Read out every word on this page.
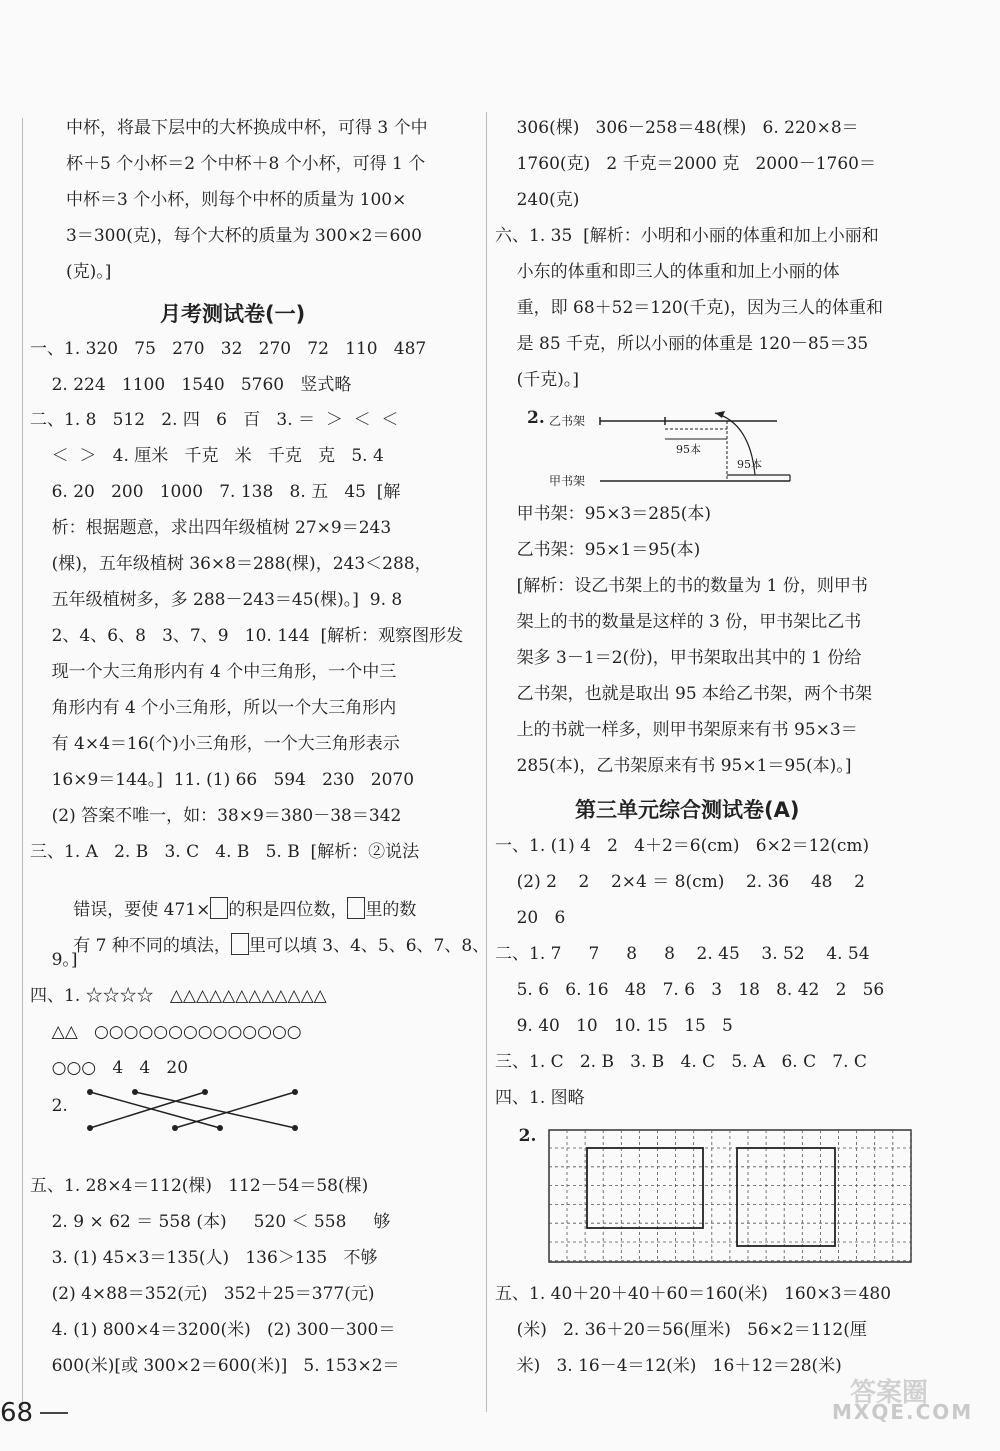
中杯，将最下层中的大杯换成中杯，可得 3 个中
杯＋5 个小杯＝2 个中杯＋8 个小杯，可得 1 个
中杯＝3 个小杯，则每个中杯的质量为 100×
3＝300(克)，每个大杯的质量为 300×2＝600
(克)。]
月考测试卷(一)
一、1. 320   75   270   32   270   72   110   487
2. 224   1100   1540   5760   竖式略
二、1. 8   512   2. 四   6   百   3. ＝  ＞  ＜  ＜
＜  ＞   4. 厘米   千克   米   千克   克   5. 4
6. 20   200   1000   7. 138   8. 五   45  [解
析：根据题意，求出四年级植树 27×9＝243
(棵)，五年级植树 36×8＝288(棵)，243＜288，
五年级植树多，多 288－243＝45(棵)。]  9. 8
2、4、6、8   3、7、9   10. 144  [解析：观察图形发
现一个大三角形内有 4 个中三角形，一个中三
角形内有 4 个小三角形，所以一个大三角形内
有 4×4＝16(个)小三角形，一个大三角形表示
16×9＝144。]  11. (1) 66   594   230   2070
(2) 答案不唯一，如：38×9＝380－38＝342
三、1. A   2. B   3. C   4. B   5. B  [解析：②说法

错误，要使 471× 的积是四位数， 里的数

有 7 种不同的填法， 里可以填 3、4、5、6、7、8、

9。]
四、1. ☆☆☆☆   △△△△△△△△△△△△
△△   ○○○○○○○○○○○○○○
○○○   4   4   20
2.
五、1. 28×4＝112(棵)   112－54＝58(棵)
2. 9 × 62 ＝ 558 (本)     520 ＜ 558     够
3. (1) 45×3＝135(人)   136＞135   不够
(2) 4×88＝352(元)   352＋25＝377(元)
4. (1) 800×4＝3200(米)   (2) 300－300＝
600(米)[或 300×2＝600(米)]   5. 153×2＝
306(棵)   306－258＝48(棵)   6. 220×8＝
1760(克)   2 千克＝2000 克   2000－1760＝
240(克)
六、1. 35  [解析：小明和小丽的体重和加上小丽和
小东的体重和即三人的体重和加上小丽的体
重，即 68＋52＝120(千克)，因为三人的体重和
是 85 千克，所以小丽的体重是 120－85＝35
(千克)。]
2. 乙书架
甲书架
95本
95本
甲书架：95×3＝285(本)
乙书架：95×1＝95(本)
[解析：设乙书架上的书的数量为 1 份，则甲书
架上的书的数量是这样的 3 份，甲书架比乙书
架多 3－1＝2(份)，甲书架取出其中的 1 份给
乙书架，也就是取出 95 本给乙书架，两个书架
上的书就一样多，则甲书架原来有书 95×3＝
285(本)，乙书架原来有书 95×1＝95(本)。]
第三单元综合测试卷(A)
一、1. (1) 4   2   4＋2＝6(cm)   6×2＝12(cm)
(2) 2    2    2×4 ＝ 8(cm)    2. 36    48    2
20   6
二、1. 7     7     8     8    2. 45    3. 52    4. 54
5. 6   6. 16   48   7. 6   3   18   8. 42   2   56
9. 40   10   10. 15   15   5
三、1. C   2. B   3. B   4. C   5. A   6. C   7. C
四、1. 图略
2.
五、1. 40＋20＋40＋60＝160(米)   160×3＝480
(米)   2. 36＋20＝56(厘米)   56×2＝112(厘
米)   3. 16－4＝12(米)   16＋12＝28(米)
68
答案圈
MXQE.COM
